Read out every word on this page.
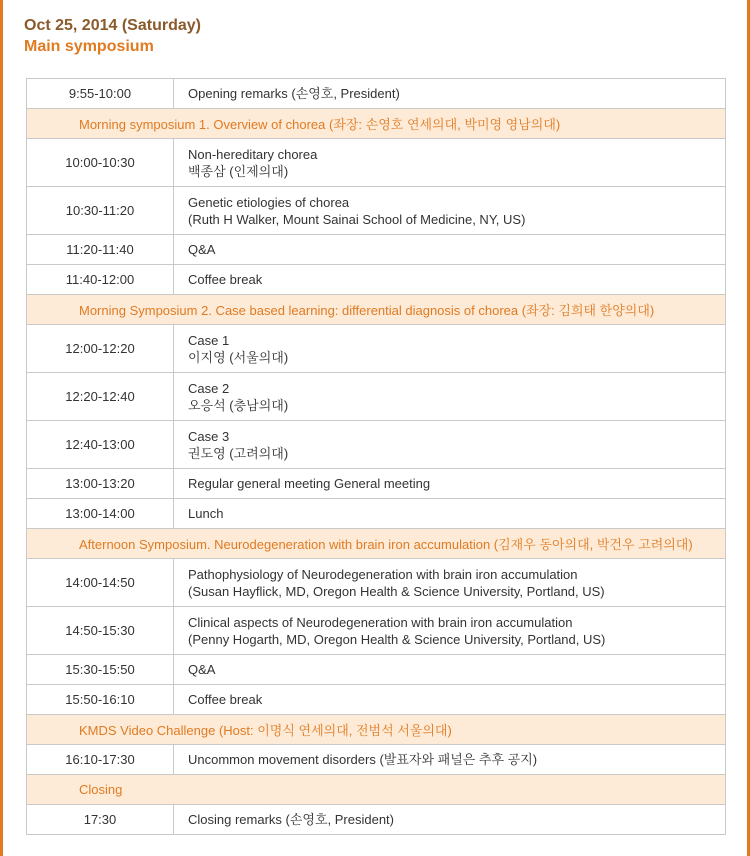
Oct 25, 2014 (Saturday)
Main symposium
9:55-10:00	Opening remarks (손영호, President)

Morning symposium 1. Overview of chorea (좌장: 손영호 연세의대, 박미영 영남의대)	
10:00-10:30	Non-hereditary chorea
백종삼 (인제의대)

10:30-11:20	Genetic etiologies of chorea
(Ruth H Walker, Mount Sainai School of Medicine, NY, US)

11:20-11:40	Q&A

11:40-12:00	Coffee break

Morning Symposium 2. Case based learning: differential diagnosis of chorea (좌장: 김희태 한양의대)	
12:00-12:20	Case 1
이지영 (서울의대)

12:20-12:40	Case 2
오응석 (충남의대)

12:40-13:00	Case 3
권도영 (고려의대)

13:00-13:20	Regular general meeting General meeting

13:00-14:00	Lunch

Afternoon Symposium. Neurodegeneration with brain iron accumulation (김재우 동아의대, 박건우 고려의대)	
14:00-14:50	Pathophysiology of Neurodegeneration with brain iron accumulation
(Susan Hayflick, MD, Oregon Health & Science University, Portland, US)

14:50-15:30	Clinical aspects of Neurodegeneration with brain iron accumulation
(Penny Hogarth, MD, Oregon Health & Science University, Portland, US)

15:30-15:50	Q&A

15:50-16:10	Coffee break

KMDS Video Challenge (Host: 이명식 연세의대, 전범석 서울의대)	
16:10-17:30	Uncommon movement disorders (발표자와 패널은 추후 공지)

Closing	
17:30	Closing remarks (손영호, President)
